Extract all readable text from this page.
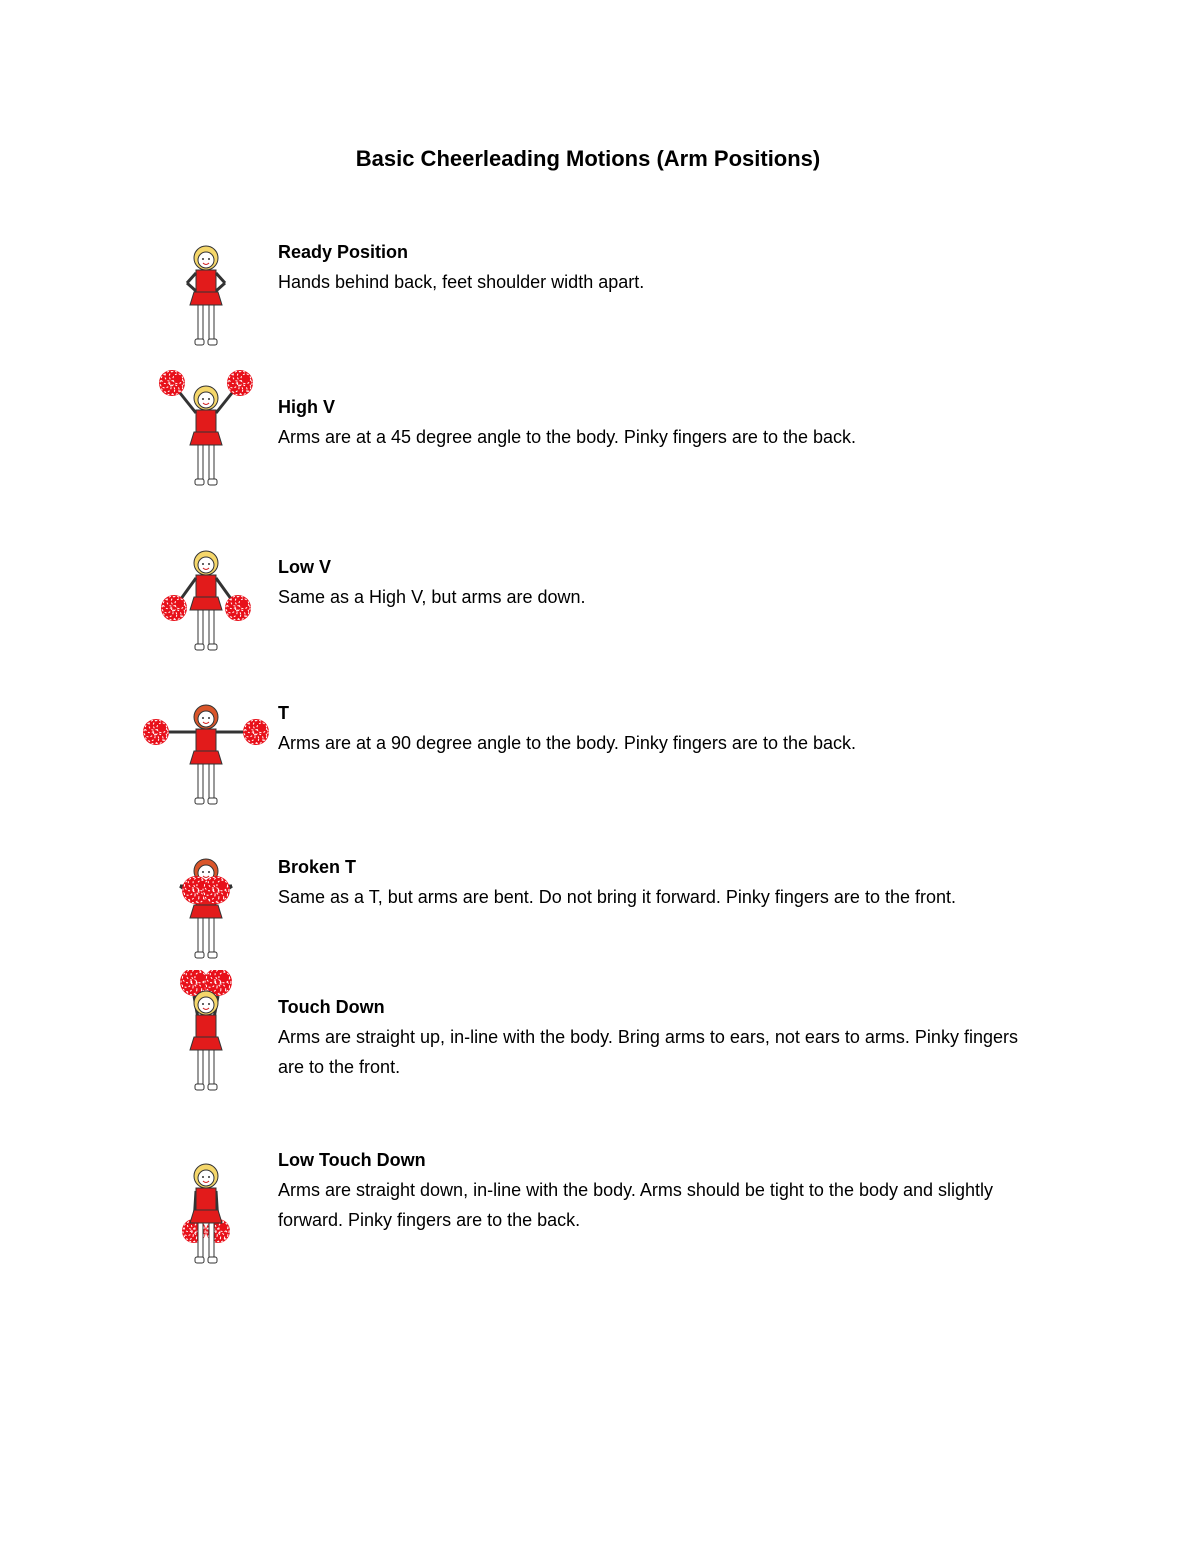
Basic Cheerleading Motions (Arm Positions)
Ready Position
Hands behind back, feet shoulder width apart.
High V
Arms are at a 45 degree angle to the body. Pinky fingers are to the back.
Low V
Same as a High V, but arms are down.
T
Arms are at a 90 degree angle to the body. Pinky fingers are to the back.
Broken T
Same as a T, but arms are bent. Do not bring it forward. Pinky fingers are to the front.
Touch Down
Arms are straight up, in-line with the body. Bring arms to ears, not ears to arms. Pinky fingers are to the front.
Low Touch Down
Arms are straight down, in-line with the body. Arms should be tight to the body and slightly forward. Pinky fingers are to the back.
